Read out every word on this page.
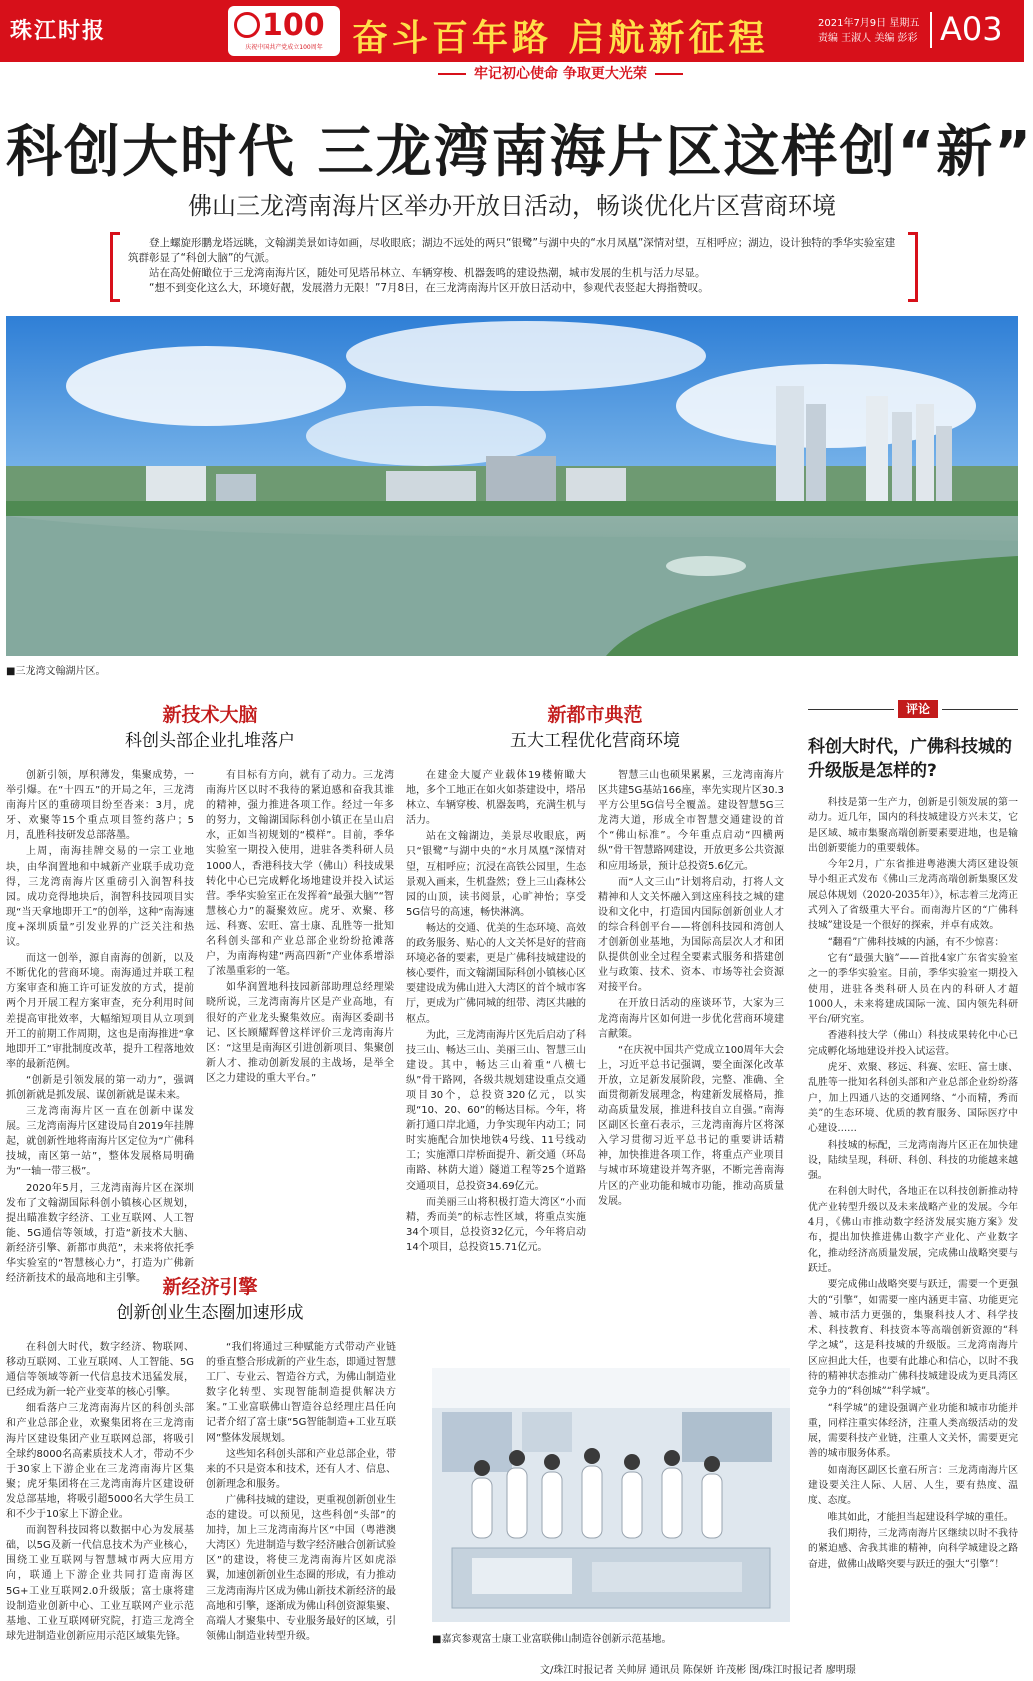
珠江时报	100
庆祝中国共产党成立100周年 奋斗百年路 启航新征程	2021年7月9日 星期五
责编 王淑人 美编 彭彩 A03
牢记初心使命 争取更大光荣
科创大时代 三龙湾南海片区这样创“新”
佛山三龙湾南海片区举办开放日活动，畅谈优化片区营商环境

登上螺旋形鹏龙塔远眺，文翰湖美景如诗如画，尽收眼底；湖边不远处的两只“银鹭”与湖中央的“水月凤凰”深情对望，互相呼应；湖边，设计独特的季华实验室建筑群彰显了“科创大脑”的气派。

站在高处俯瞰位于三龙湾南海片区，随处可见塔吊林立、车辆穿梭、机器轰鸣的建设热潮，城市发展的生机与活力尽显。

“想不到变化这么大，环境好靓，发展潜力无限！”7月8日，在三龙湾南海片区开放日活动中，参观代表竖起大拇指赞叹。

■三龙湾文翰湖片区。
新技术大脑
科创头部企业扎堆落户
新都市典范
五大工程优化营商环境
新经济引擎
创新创业生态圈加速形成

创新引领，厚积薄发，集聚成势，一举引爆。在“十四五”的开局之年，三龙湾南海片区的重磅项目纷至沓来：3月，虎牙、欢聚等15个重点项目签约落户；5月，乱胜科技研发总部落墨。

上周，南海挂牌交易的一宗工业地块，由华润置地和中城新产业联手成功竞得，三龙湾南海片区重磅引入润智科技园。成功竞得地块后，润智科技园项目实现“当天拿地即开工”的创举，这种“南海速度+深圳质量”引发业界的广泛关注和热议。

而这一创举，源自南海的创新，以及不断优化的营商环境。南海通过并联工程方案审查和施工许可证发放的方式，提前两个月开展工程方案审查，充分利用时间差提高审批效率，大幅缩短项目从立项到开工的前期工作周期，这也是南海推进“拿地即开工”审批制度改革，提升工程落地效率的最新范例。

“创新是引领发展的第一动力”，强调抓创新就是抓发展、谋创新就是谋未来。

三龙湾南海片区一直在创新中谋发展。三龙湾南海片区建设局自2019年挂牌起，就创新性地将南海片区定位为“广佛科技城，南区第一站”，整体发展格局明确为“一轴一带三极”。

2020年5月，三龙湾南海片区在深圳发布了文翰湖国际科创小镇核心区规划，提出瞄准数字经济、工业互联网、人工智能、5G通信等领域，打造“新技术大脑、新经济引擎、新都市典范”，未来将依托季华实验室的“智慧核心力”，打造为广佛新经济新技术的最高地和主引擎。

有目标有方向，就有了动力。三龙湾南海片区以时不我待的紧迫感和奋我其谁的精神，强力推进各项工作。经过一年多的努力，文翰湖国际科创小镇正在呈山启水，正如当初规划的“模样”。目前，季华实验室一期投入使用，进驻各类科研人员1000人，香港科技大学（佛山）科技成果转化中心已完成孵化场地建设并投入试运营。季华实验室正在发挥着“最强大脑”“智慧核心力”的凝聚效应。虎牙、欢聚、移远、科赛、宏旺、富士康、乱胜等一批知名科创头部和产业总部企业纷纷抢滩落户，为南海构建“两高四新”产业体系增添了浓墨重彩的一笔。

如华润置地科技园新部助理总经理梁晓所说，三龙湾南海片区是产业高地，有很好的产业龙头聚集效应。南海区委副书记、区长顾耀辉曾这样评价三龙湾南海片区：“这里是南海区引进创新项目、集聚创新人才、推动创新发展的主战场，是举全区之力建设的重大平台。”

在建金大厦产业载体19楼俯瞰大地，多个工地正在如火如荼建设中，塔吊林立、车辆穿梭、机器轰鸣，充满生机与活力。

站在文翰湖边，美景尽收眼底，两只“银鹭”与湖中央的“水月凤凰”深情对望，互相呼应；沉浸在高铁公园里，生态景观入画来，生机盎然；登上三山森林公园的山顶，读书阅景，心旷神怡；享受5G信号的高速，畅快淋漓。

畅达的交通、优美的生态环境、高效的政务服务、贴心的人文关怀是好的营商环境必备的要素，更是广佛科技城建设的核心要件，而文翰湖国际科创小镇核心区要建设成为佛山进入大湾区的首个城市客厅，更成为广佛同城的纽带、湾区共融的枢点。

为此，三龙湾南海片区先后启动了科技三山、畅达三山、美丽三山、智慧三山建设。其中，畅达三山着重“八横七纵”骨干路网，各级共规划建设重点交通项目30个，总投资320亿元，以实现“10、20、60”的畅达目标。今年，将新打通口岸北通，力争实现年内动工；同时实施配合加快地铁4号线、11号线动工；实施潭口岸桥面提升、新交通（环岛南路、林荫大道）隧道工程等25个道路交通项目，总投资34.69亿元。

而美丽三山将积极打造大湾区“小而精，秀而美”的标志性区域，将重点实施34个项目，总投资32亿元，今年将启动14个项目，总投资15.71亿元。

智慧三山也硕果累累，三龙湾南海片区共建5G基站166座，率先实现片区30.3平方公里5G信号全覆盖。建设智慧5G三龙湾大道，形成全市智慧交通建设的首个“佛山标准”。今年重点启动“四横两纵”骨干智慧路网建设，开放更多公共资源和应用场景，预计总投资5.6亿元。

而“人文三山”计划将启动，打将人文精神和人文关怀融入到这座科技之城的建设和文化中，打造国内国际创新创业人才的综合科创平台——将创科技园和湾创人才创新创业基地，为国际高层次人才和团队提供创业全过程全要素式服务和搭建创业与政策、技术、资本、市场等社会资源对接平台。

在开放日活动的座谈环节，大家为三龙湾南海片区如何进一步优化营商环境建言献策。

“在庆祝中国共产党成立100周年大会上，习近平总书记强调，要全面深化改革开放，立足新发展阶段，完整、准确、全面贯彻新发展理念，构建新发展格局，推动高质量发展，推进科技自立自强。”南海区副区长童石表示，三龙湾南海片区将深入学习贯彻习近平总书记的重要讲话精神，加快推进各项工作，将重点产业项目与城市环境建设并驾齐驱，不断完善南海片区的产业功能和城市功能，推动高质量发展。

在科创大时代，数字经济、物联网、移动互联网、工业互联网、人工智能、5G通信等领域等新一代信息技术迅猛发展，已经成为新一轮产业变革的核心引擎。

细看落户三龙湾南海片区的科创头部和产业总部企业，欢聚集团将在三龙湾南海片区建设集团产业互联网总部，将吸引全球约8000名高素质技术人才，带动不少于30家上下游企业在三龙湾南海片区集聚；虎牙集团将在三龙湾南海片区建设研发总部基地，将吸引超5000名大学生员工和不少于10家上下游企业。

而润智科技园将以数据中心为发展基础，以5G及新一代信息技术为产业核心，围绕工业互联网与智慧城市两大应用方向，联通上下游企业共同打造南海区5G+工业互联网2.0升级版；富士康将建设制造业创新中心、工业互联网产业示范基地、工业互联网研究院，打造三龙湾全球先进制造业创新应用示范区域集先锋。

“我们将通过三种赋能方式带动产业链的垂直整合形成新的产业生态，即通过智慧工厂、专业云、智造谷方式，为佛山制造业数字化转型、实现智能制造提供解决方案。”工业富联佛山智造谷总经理庄昌任向记者介绍了富士康“5G智能制造+工业互联网”整体发展规划。

这些知名科创头部和产业总部企业，带来的不只是资本和技术，还有人才、信息、创新理念和服务。

广佛科技城的建设，更重视创新创业生态的建设。可以预见，这些科创“头部”的加持，加上三龙湾南海片区“中国（粤港澳大湾区）先进制造与数字经济融合创新试验区”的建设，将使三龙湾南海片区如虎添翼，加速创新创业生态圈的形成，有力推动三龙湾南海片区成为佛山新技术新经济的最高地和引擎，逐渐成为佛山科创资源集聚、高端人才聚集中、专业服务最好的区域，引领佛山制造业转型升级。

评论
科创大时代，广佛科技城的升级版是怎样的?

科技是第一生产力，创新是引领发展的第一动力。近几年，国内的科技城建设方兴未艾，它是区域、城市集聚高端创新要素要进地，也是输出创新要能力的重要载体。

今年2月，广东省推进粤港澳大湾区建设领导小组正式发布《佛山三龙湾高端创新集聚区发展总体规划（2020-2035年）》，标志着三龙湾正式列入了省级重大平台。而南海片区的“广佛科技城”建设是一个很好的探索，并卓有成效。

“翻看”广佛科技城的内涵，有不少惊喜：

它有“最强大脑”——首批4家广东省实验室之一的季华实验室。目前，季华实验室一期投入使用，进驻各类科研人员在内的科研人才超1000人，未来将建成国际一流、国内领先科研平台/研究室。

香港科技大学（佛山）科技成果转化中心已完成孵化场地建设并投入试运营。

虎牙、欢聚、移远、科赛、宏旺、富士康、乱胜等一批知名科创头部和产业总部企业纷纷落户，加上四通八达的交通网络、“小而精，秀而美”的生态环境、优质的教育服务、国际医疗中心建设……

科技城的标配，三龙湾南海片区正在加快建设，陆续呈现，科研、科创、科技的功能越来越强。

在科创大时代，各地正在以科技创新推动特优产业转型升级以及未来战略产业的发展。今年4月，《佛山市推动数字经济发展实施方案》发布，提出加快推进佛山数字产业化、产业数字化，推动经济高质量发展，完成佛山战略突要与跃迁。

要完成佛山战略突要与跃迁，需要一个更强大的“引擎”，如需要一座内涵更丰富、功能更完善、城市活力更强的，集聚科技人才、科学技术、科技教育、科技资本等高端创新资源的“科学之城”，这是科技城的升级版。三龙湾南海片区应担此大任，也要有此雄心和信心，以时不我待的精神状态推动广佛科技城建设成为更具湾区竞争力的“科创城”“科学城”。

“科学城”的建设强调产业功能和城市功能并重，同样注重实体经济，注重人类高级活动的发展，需要科技产业链，注重人文关怀，需要更完善的城市服务体系。

如南海区副区长童石所言：三龙湾南海片区建设要关注人际、人居、人生，要有热度、温度、态度。

唯其如此，才能担当起建设科学城的重任。

我们期待，三龙湾南海片区继续以时不我待的紧迫感、舍我其谁的精神，向科学城建设之路奋进，做佛山战略突要与跃迁的强大“引擎”！

■嘉宾参观富士康工业富联佛山制造谷创新示范基地。
文/珠江时报记者 关帅屏 通讯员 陈保妍 许茂彬 图/珠江时报记者 廖明璟
